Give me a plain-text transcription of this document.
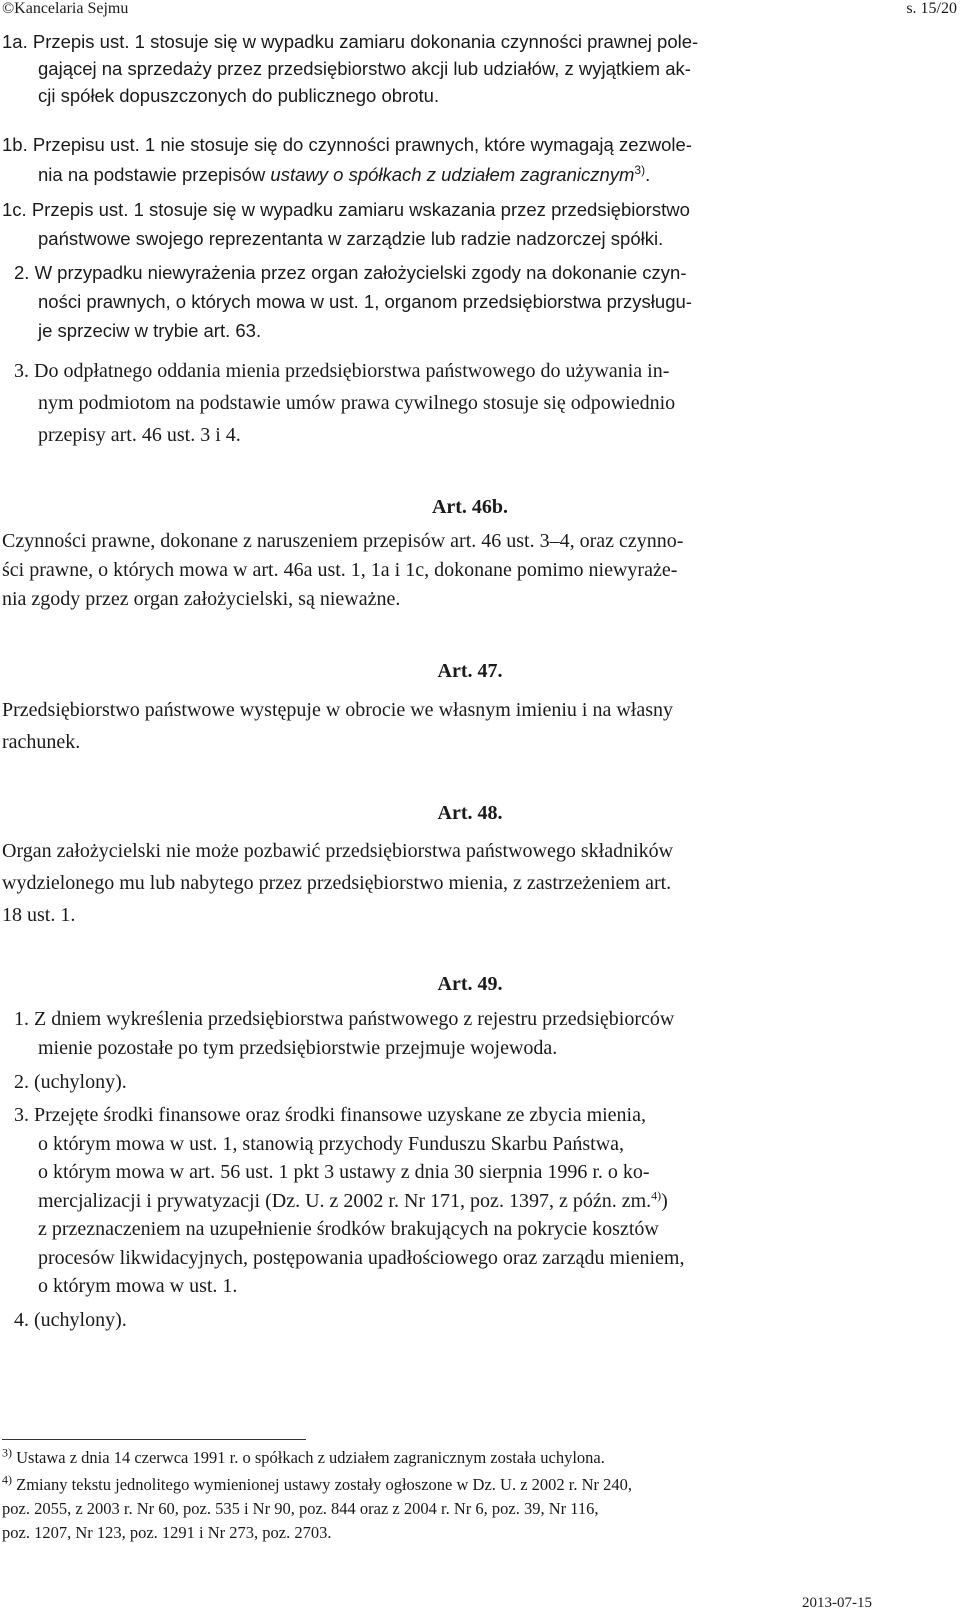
©Kancelaria Sejmu	s. 15/20
1a. Przepis ust. 1 stosuje się w wypadku zamiaru dokonania czynności prawnej pole-
gającej na sprzedaży przez przedsiębiorstwo akcji lub udziałów, z wyjątkiem ak-
cji spółek dopuszczonych do publicznego obrotu.
1b. Przepisu ust. 1 nie stosuje się do czynności prawnych, które wymagają zezwole-
nia na podstawie przepisów ustawy o spółkach z udziałem zagranicznym$^{3)}$.
1c. Przepis ust. 1 stosuje się w wypadku zamiaru wskazania przez przedsiębiorstwo
państwowe swojego reprezentanta w zarządzie lub radzie nadzorczej spółki.
2. W przypadku niewyrażenia przez organ założycielski zgody na dokonanie czyn-
ności prawnych, o których mowa w ust. 1, organom przedsiębiorstwa przysługu-
je sprzeciw w trybie art. 63.
3. Do odpłatnego oddania mienia przedsiębiorstwa państwowego do używania in-
nym podmiotom na podstawie umów prawa cywilnego stosuje się odpowiednio
przepisy art. 46 ust. 3 i 4.
Art. 46b.
Czynności prawne, dokonane z naruszeniem przepisów art. 46 ust. 3–4, oraz czynno-
ści prawne, o których mowa w art. 46a ust. 1, 1a i 1c, dokonane pomimo niewyraże-
nia zgody przez organ założycielski, są nieważne.
Art. 47.
Przedsiębiorstwo państwowe występuje w obrocie we własnym imieniu i na własny
rachunek.
Art. 48.
Organ założycielski nie może pozbawić przedsiębiorstwa państwowego składników
wydzielonego mu lub nabytego przez przedsiębiorstwo mienia, z zastrzeżeniem art.
18 ust. 1.
Art. 49.
1. Z dniem wykreślenia przedsiębiorstwa państwowego z rejestru przedsiębiorców
mienie pozostałe po tym przedsiębiorstwie przejmuje wojewoda.
2. (uchylony).
3. Przejęte środki finansowe oraz środki finansowe uzyskane ze zbycia mienia,
o którym mowa w ust. 1, stanowią przychody Funduszu Skarbu Państwa,
o którym mowa w art. 56 ust. 1 pkt 3 ustawy z dnia 30 sierpnia 1996 r. o ko-
mercjalizacji i prywatyzacji (Dz. U. z 2002 r. Nr 171, poz. 1397, z późn. zm.$^{4)}$)
z przeznaczeniem na uzupełnienie środków brakujących na pokrycie kosztów
procesów likwidacyjnych, postępowania upadłościowego oraz zarządu mieniem,
o którym mowa w ust. 1.
4. (uchylony).
$^{3)}$ Ustawa z dnia 14 czerwca 1991 r. o spółkach z udziałem zagranicznym została uchylona.
$^{4)}$ Zmiany tekstu jednolitego wymienionej ustawy zostały ogłoszone w Dz. U. z 2002 r. Nr 240,
poz. 2055, z 2003 r. Nr 60, poz. 535 i Nr 90, poz. 844 oraz z 2004 r. Nr 6, poz. 39, Nr 116,
poz. 1207, Nr 123, poz. 1291 i Nr 273, poz. 2703.
2013-07-15
